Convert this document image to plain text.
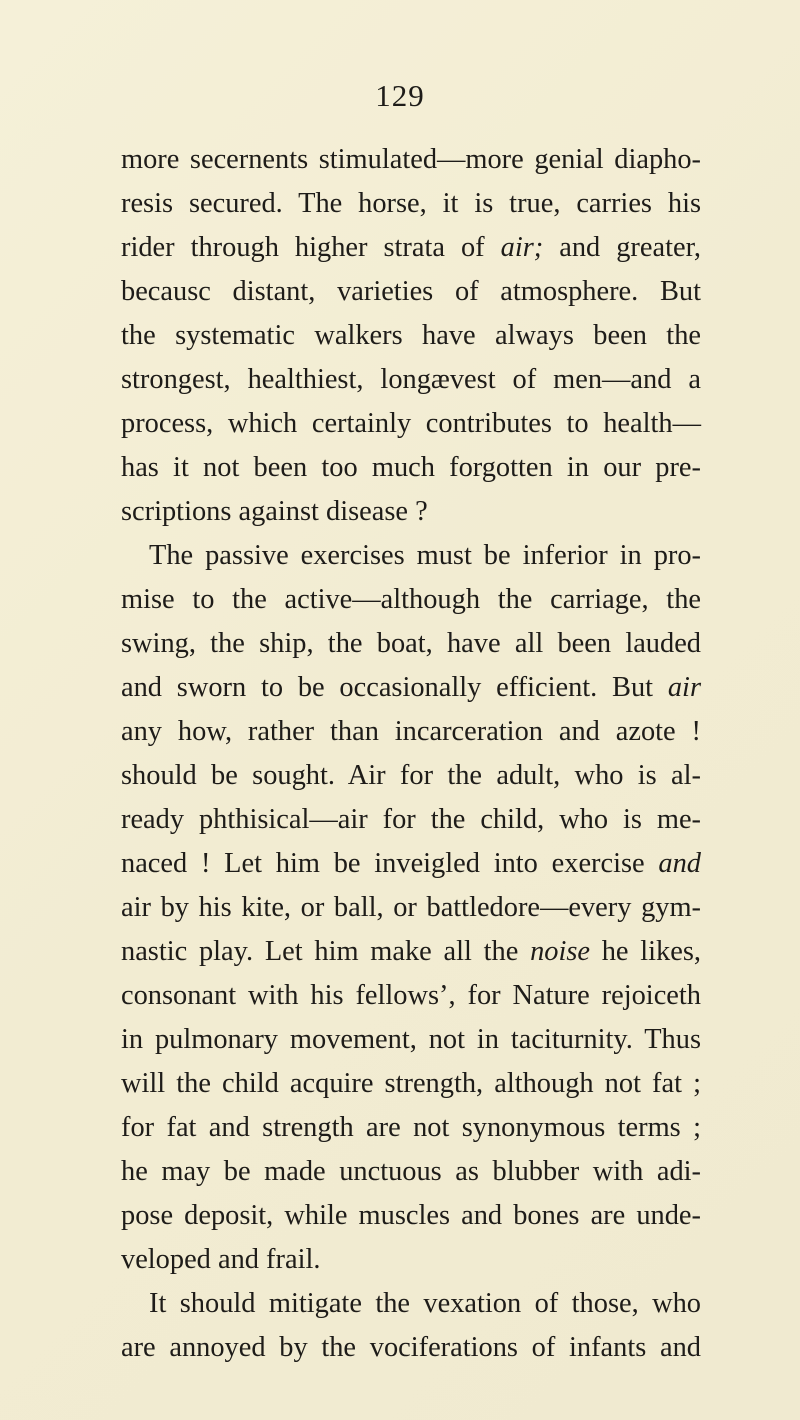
129
more secernents stimulated—more genial diapho-
resis secured. The horse, it is true, carries his
rider through higher strata of air; and greater,
becausc distant, varieties of atmosphere. But
the systematic walkers have always been the
strongest, healthiest, longævest of men—and a
process, which certainly contributes to health—
has it not been too much forgotten in our pre-
scriptions against disease ?
The passive exercises must be inferior in pro-
mise to the active—although the carriage, the
swing, the ship, the boat, have all been lauded
and sworn to be occasionally efficient. But air
any how, rather than incarceration and azote !
should be sought. Air for the adult, who is al-
ready phthisical—air for the child, who is me-
naced ! Let him be inveigled into exercise and
air by his kite, or ball, or battledore—every gym-
nastic play. Let him make all the noise he likes,
consonant with his fellows’, for Nature rejoiceth
in pulmonary movement, not in taciturnity. Thus
will the child acquire strength, although not fat ;
for fat and strength are not synonymous terms ;
he may be made unctuous as blubber with adi-
pose deposit, while muscles and bones are unde-
veloped and frail.
It should mitigate the vexation of those, who
are annoyed by the vociferations of infants and
